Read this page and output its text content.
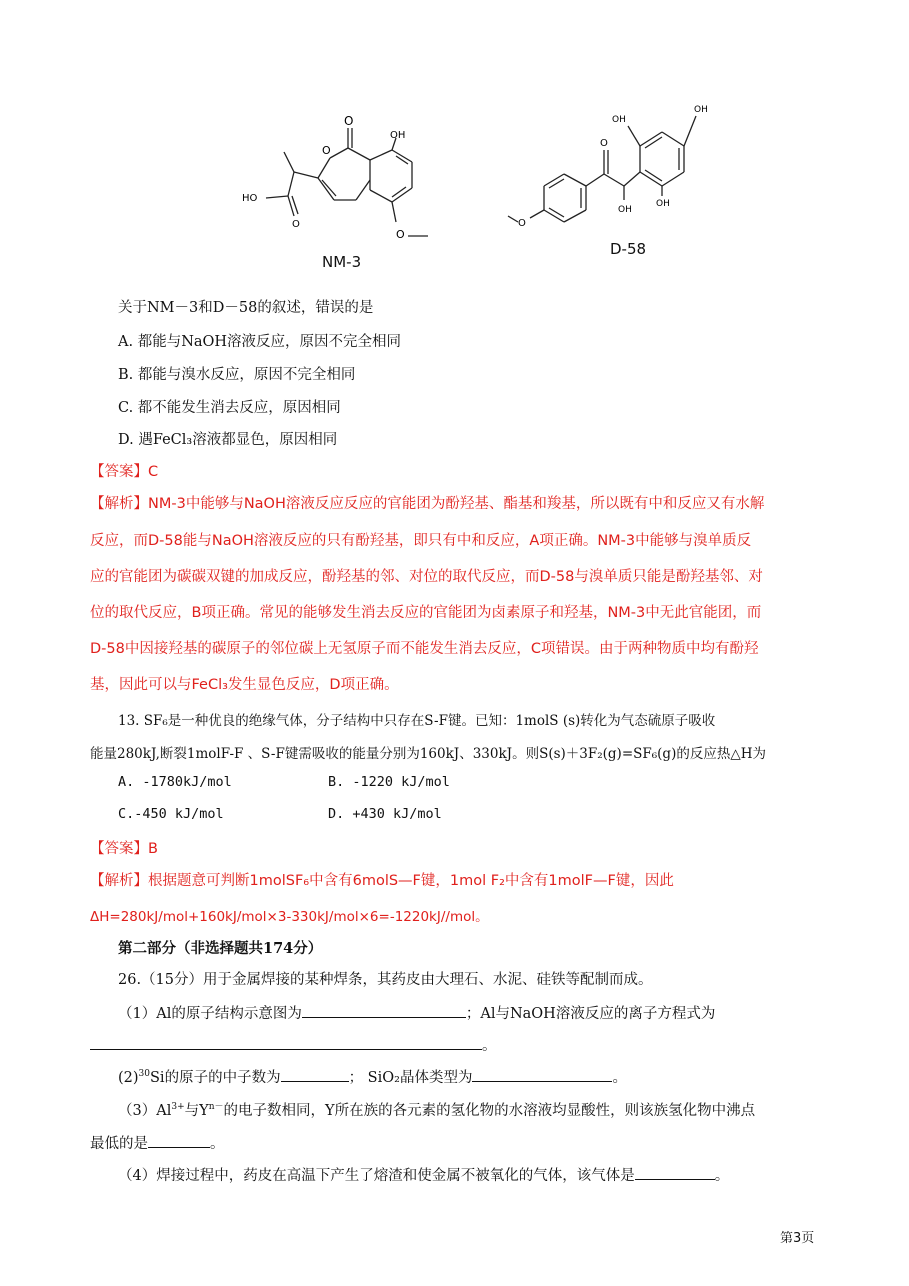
O
O
OH
HO
O
O
NM-3
O
OH
OH
OH
OH
O
D-58
关于NM－3和D－58的叙述，错误的是
A. 都能与NaOH溶液反应，原因不完全相同
B. 都能与溴水反应，原因不完全相同
C. 都不能发生消去反应，原因相同
D. 遇FeCl₃溶液都显色，原因相同
【答案】C
【解析】NM-3中能够与NaOH溶液反应反应的官能团为酚羟基、酯基和羧基，所以既有中和反应又有水解
反应，而D-58能与NaOH溶液反应的只有酚羟基，即只有中和反应，A项正确。NM-3中能够与溴单质反
应的官能团为碳碳双键的加成反应，酚羟基的邻、对位的取代反应，而D-58与溴单质只能是酚羟基邻、对
位的取代反应，B项正确。常见的能够发生消去反应的官能团为卤素原子和羟基，NM-3中无此官能团，而
D-58中因接羟基的碳原子的邻位碳上无氢原子而不能发生消去反应，C项错误。由于两种物质中均有酚羟
基，因此可以与FeCl₃发生显色反应，D项正确。
13. SF₆是一种优良的绝缘气体，分子结构中只存在S-F键。已知：1molS (s)转化为气态硫原子吸收
能量280kJ,断裂1molF-F 、S-F键需吸收的能量分别为160kJ、330kJ。则S(s)＋3F₂(g)=SF₆(g)的反应热△H为
A. -1780kJ/mol	B. -1220 kJ/mol
C.-450 kJ/mol	D. +430 kJ/mol
【答案】B
【解析】根据题意可判断1molSF₆中含有6molS—F键，1mol F₂中含有1molF—F键，因此
ΔH=280kJ/mol+160kJ/mol×3-330kJ/mol×6=-1220kJ//mol。
第二部分（非选择题共174分）
26.（15分）用于金属焊接的某种焊条，其药皮由大理石、水泥、硅铁等配制而成。
（1）Al的原子结构示意图为	；Al与NaOH溶液反应的离子方程式为
。
$(2)^{30}Si$的原子的中子数为	； SiO₂晶体类型为	。
$(3)Al^{3+}$与$Y^{n-}$的电子数相同，Y所在族的各元素的氢化物的水溶液均显酸性，则该族氢化物中沸点
最低的是	。
（4）焊接过程中，药皮在高温下产生了熔渣和使金属不被氧化的气体，该气体是	。
第3页
